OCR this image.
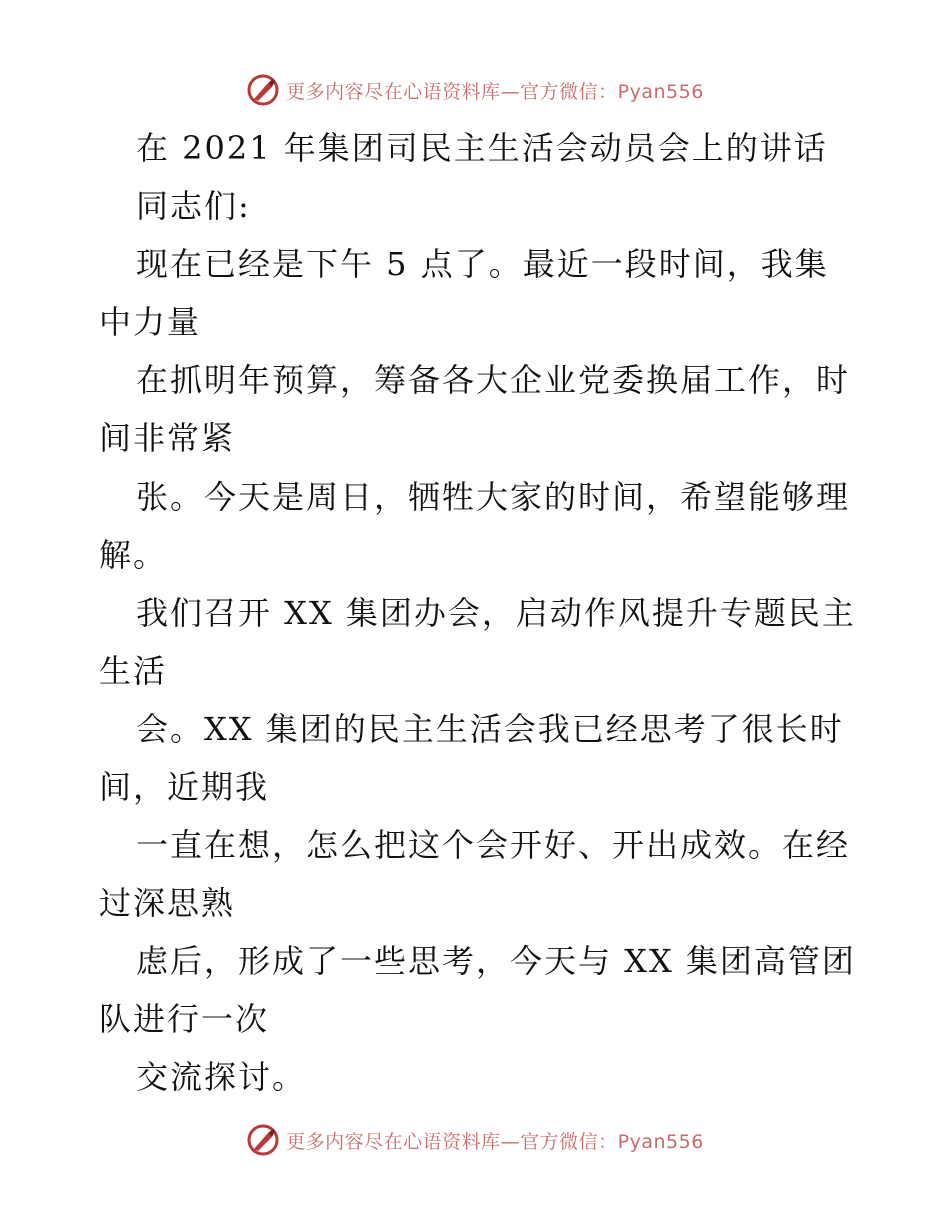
更多内容尽在心语资料库—官方微信：Pyan556
在 2021 年集团司民主生活会动员会上的讲话
同志们:
现在已经是下午 5 点了。最近一段时间，我集
中力量
在抓明年预算，筹备各大企业党委换届工作，时
间非常紧
张。今天是周日，牺牲大家的时间，希望能够理
解。
我们召开 XX 集团办会，启动作风提升专题民主
生活
会。XX 集团的民主生活会我已经思考了很长时
间，近期我
一直在想，怎么把这个会开好、开出成效。在经
过深思熟
虑后，形成了一些思考，今天与 XX 集团高管团
队进行一次
交流探讨。
更多内容尽在心语资料库—官方微信：Pyan556
